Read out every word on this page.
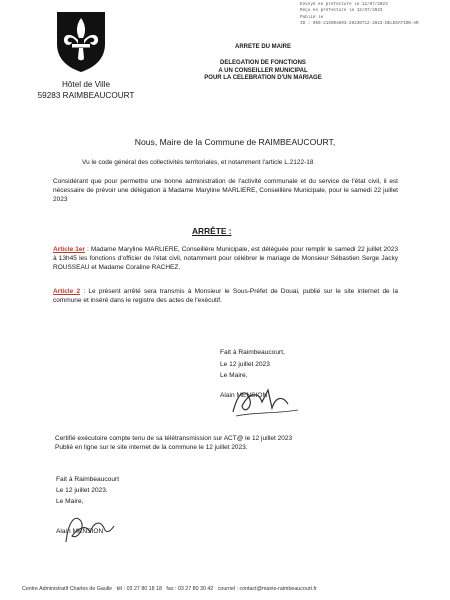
Envoyé en préfecture le 12/07/2023
Reçu en préfecture le 12/07/2023
Publié le
ID : 059-215904893-20230712-2023-DELEGATION-AR
Hôtel de Ville
59283 RAIMBEAUCOURT
ARRETE DU MAIRE
DELEGATION DE FONCTIONS
A UN CONSEILLER MUNICIPAL
POUR LA CELEBRATION D'UN MARIAGE
Nous, Maire de la Commune de RAIMBEAUCOURT,

Vu le code général des collectivités territoriales, et notamment l'article L.2122-18

Considérant que pour permettre une bonne administration de l'activité communale et du service de l'état civil, il est nécessaire de prévoir une délégation à Madame Maryline MARLIERE, Conseillère Municipale, pour le samedi 22 juillet 2023

ARRÊTE :

Article 1er : Madame Maryline MARLIERE, Conseillère Municipale, est déléguée pour remplir le samedi 22 juillet 2023 à 13h45 les fonctions d'officier de l'état civil, notamment pour célébrer le mariage de Monsieur Sébastien Serge Jacky ROUSSEAU et Madame Coraline RACHEZ.

Article 2 : Le présent arrêté sera transmis à Monsieur le Sous-Préfet de Douai, publié sur le site internet de la commune et inséré dans le registre des actes de l'exécutif.

Fait à Raimbeaucourt,
Le 12 juillet 2023
Le Maire,
Alain MENSION
Certifié exécutoire compte tenu de sa télétransmission sur ACT@ le 12 juillet 2023
Publié en ligne sur le site internet de la commune le 12 juillet 2023.
Fait à Raimbeaucourt
Le 12 juillet 2023.
Le Maire,
Alain MENSION
Centre Administratif Charles de Gaulle tél : 03 27 80 18 18 fax : 03 27 80 30 42 courriel : contact@mairie-raimbeaucourt.fr
